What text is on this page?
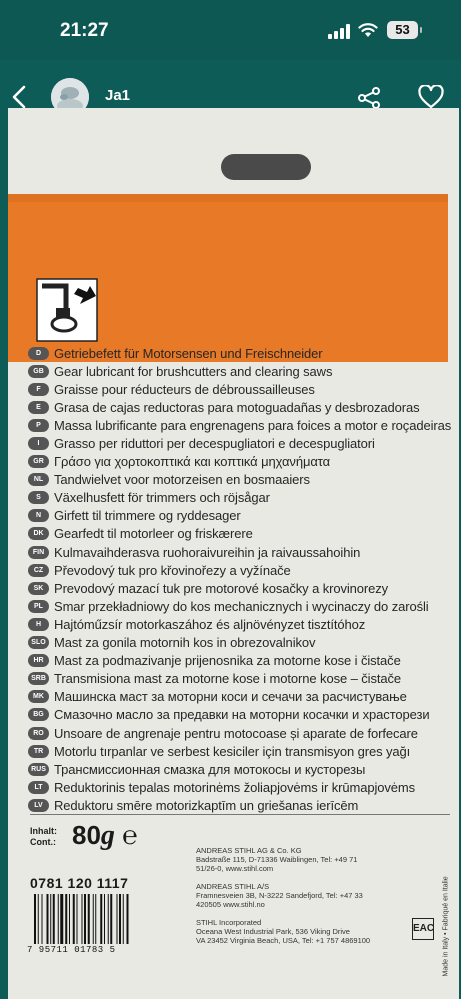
21:27	53
Ja1
D Getriebefett für Motorsensen und Freischneider
GB Gear lubricant for brushcutters and clearing saws
F	Graisse pour réducteurs de débroussailleuses
E	Grasa de cajas reductoras para motoguadañas y desbrozadoras
P	Massa lubrificante para engrenagens para foices a motor e roçadeiras
I	Grasso per riduttori per decespugliatori e decespugliatori
GR Γράσο για χορτοκοπτικά και κοπτικά μηχανήματα
NL Tandwielvet voor motorzeisen en bosmaaiers
S	Växelhusfett för trimmers och röjsågar
N Girfett til trimmere og ryddesager
DK Gearfedt til motorleer og friskærere
FIN Kulmavaihderasva ruohoraivureihin ja raivaussahoihin
CZ Převodový tuk pro křovinořezy a vyžínače
SK Prevodový mazací tuk pre motorové kosačky a krovinorezy
PL Smar przekładniowy do kos mechanicznych i wycinaczy do zarośli
H Hajtóműzsír motorkaszához és aljnövényzet tisztítóhoz
SLO Mast za gonila motornih kos in obrezovalnikov
HR Mast za podmazivanje prijenosnika za motorne kose i čistače
SRB Transmisiona mast za motorne kose i motorne kose – čistače
MK Машинска маст за моторни коси и сечачи за расчистување
BG Смазочно масло за предавки на моторни косачки и храсторези
RO Unsoare de angrenaje pentru motocoase și aparate de forfecare
TR Motorlu tırpanlar ve serbest kesiciler için transmisyon gres yağı
RUS Трансмиссионная смазка для мотокосы и кусторезы
LT Reduktorinis tepalas motorinėms žoliapjovėms ir krūmapjovėms
LV Reduktoru smēre motorizkaptīm un griešanas ierīcēm
Inhalt:
Cont.: 80g ℮
0781 120 1117
ANDREAS STIHL AG & Co. KG
Badstraße 115, D-71336 Waiblingen, Tel: +49 71
51/26-0, www.stihl.com
ANDREAS STIHL A/S
Framnesveien 3B, N-3222 Sandefjord, Tel: +47 33
420505 www.stihl.no
STIHL Incorporated
Oceana West Industrial Park, 536 Viking Drive
VA 23452 Virginia Beach, USA, Tel: +1 757 4869100
7 95711 01783 5
EAC Made in Italy • Fabriqué en Italie
